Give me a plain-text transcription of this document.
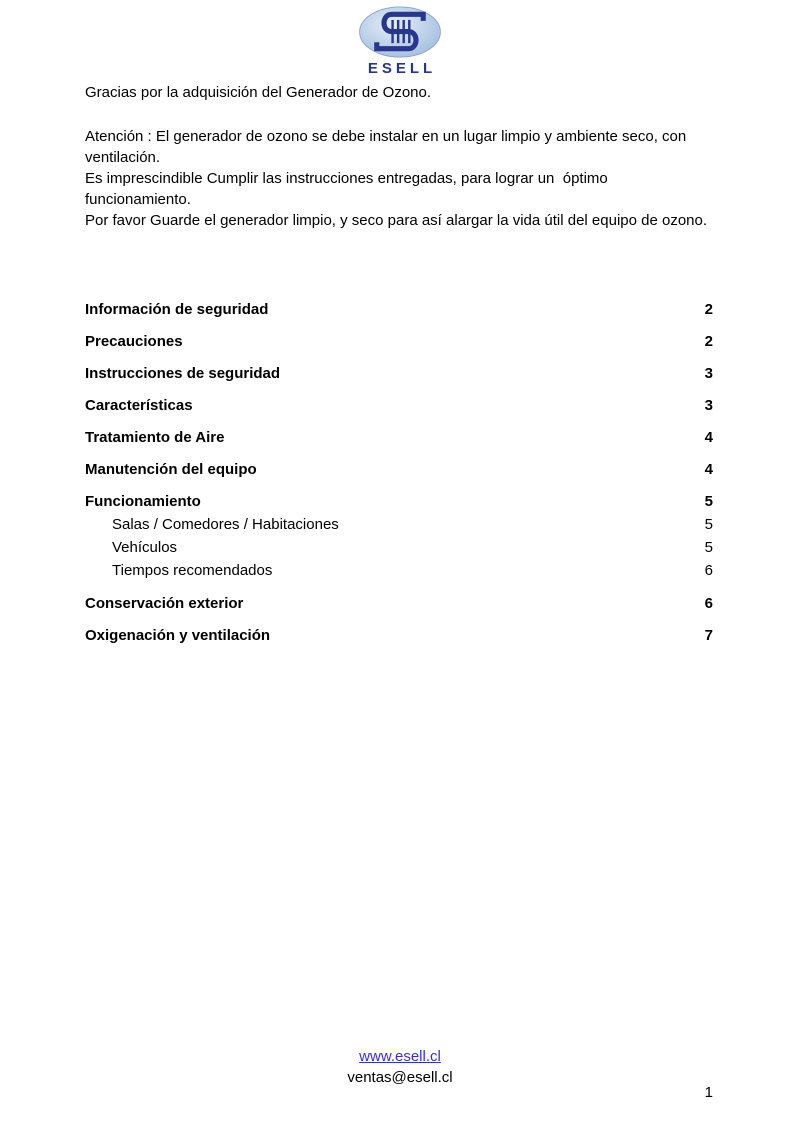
ESELL

Gracias por la adquisición del Generador de Ozono.

Atención : El generador de ozono se debe instalar en un lugar limpio y ambiente seco, con ventilación.
Es imprescindible Cumplir las instrucciones entregadas, para lograr un  óptimo funcionamiento.
Por favor Guarde el generador limpio, y seco para así alargar la vida útil del equipo de ozono.
Información de seguridad	2
Precauciones	2
Instrucciones de seguridad	3
Características	3
Tratamiento de Aire	4
Manutención del equipo	4
Funcionamiento	5
Salas / Comedores / Habitaciones	5
Vehículos	5
Tiempos recomendados	6
Conservación exterior	6
Oxigenación y ventilación	7
www.esell.cl
ventas@esell.cl
1
